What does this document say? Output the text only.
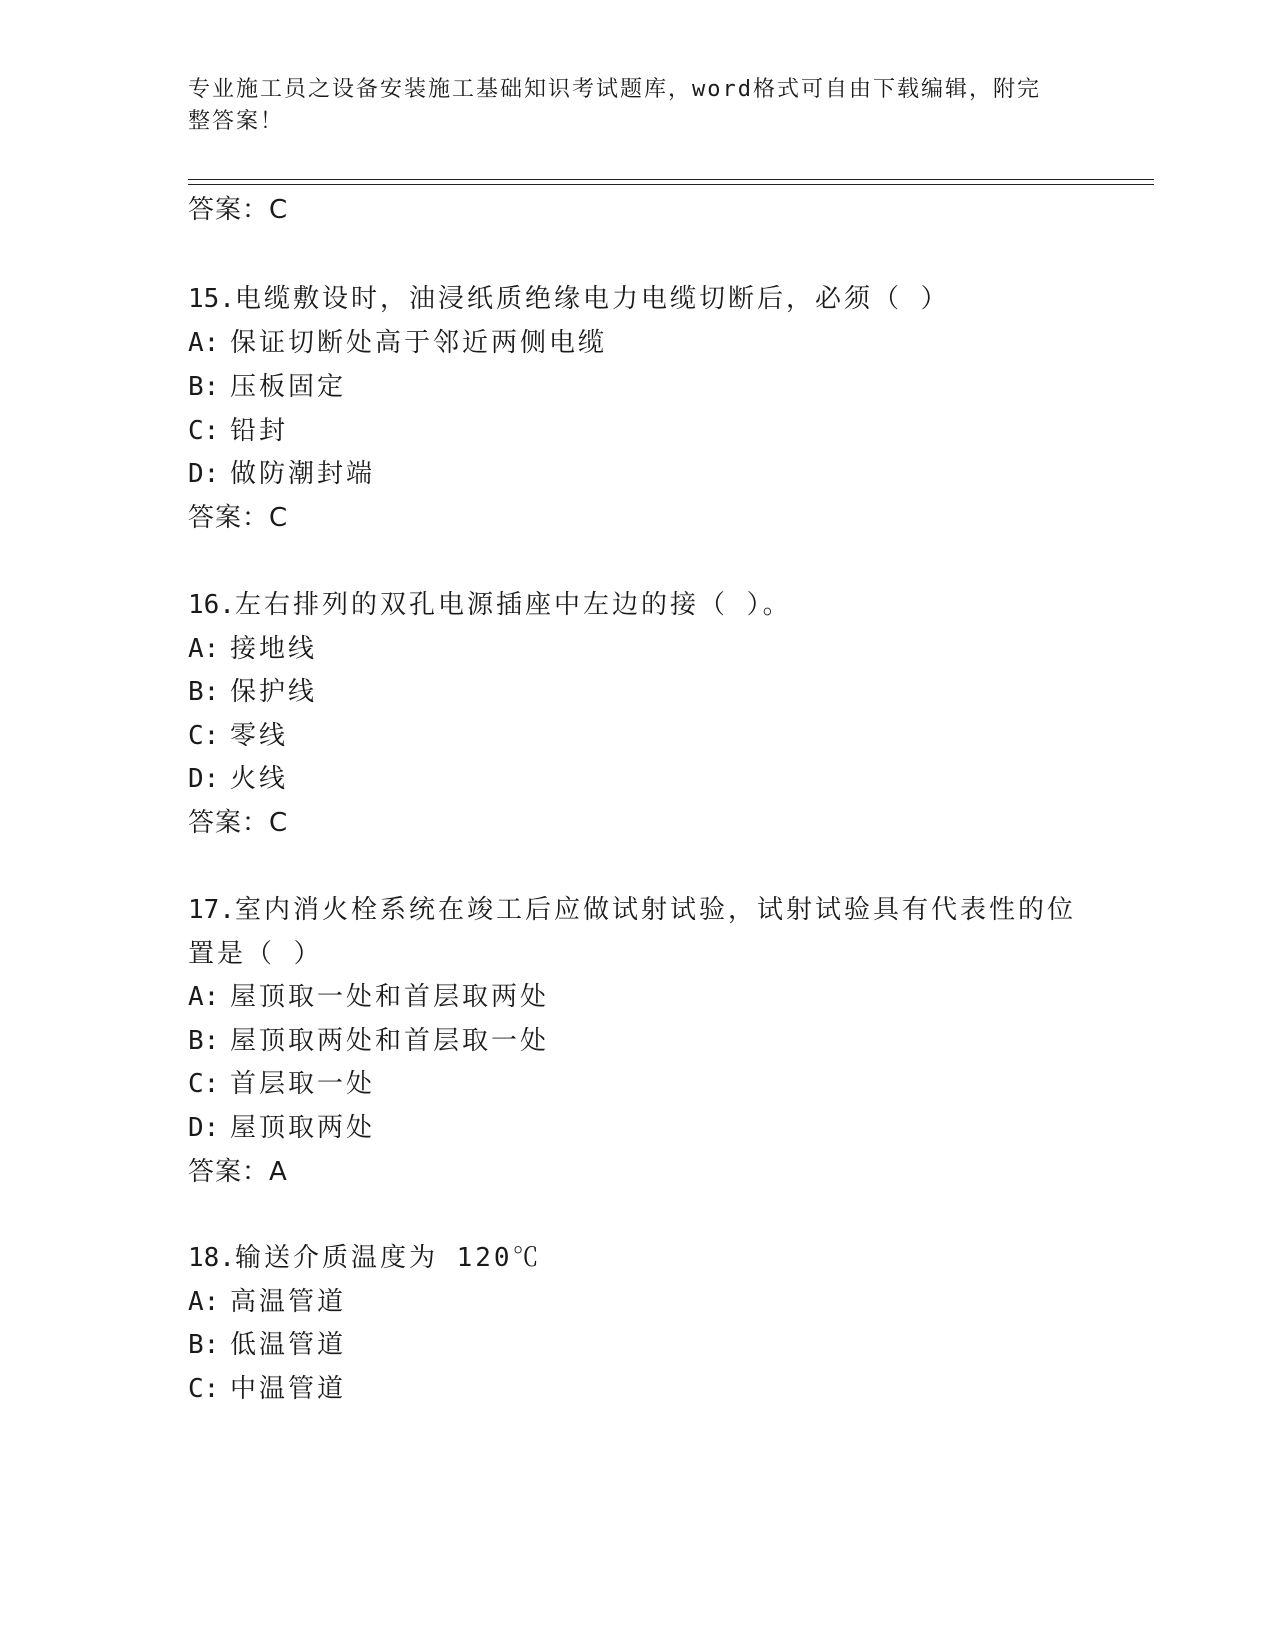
专业施工员之设备安装施工基础知识考试题库，word格式可自由下载编辑，附完
整答案！
答案：C
15.电缆敷设时，油浸纸质绝缘电力电缆切断后，必须（ ）
A: 保证切断处高于邻近两侧电缆
B: 压板固定
C: 铅封
D: 做防潮封端
答案：C
16.左右排列的双孔电源插座中左边的接（ ）。
A: 接地线
B: 保护线
C: 零线
D: 火线
答案：C
17.室内消火栓系统在竣工后应做试射试验，试射试验具有代表性的位
置是（ ）
A: 屋顶取一处和首层取两处
B: 屋顶取两处和首层取一处
C: 首层取一处
D: 屋顶取两处
答案：A
18.输送介质温度为 120℃
A: 高温管道
B: 低温管道
C: 中温管道
